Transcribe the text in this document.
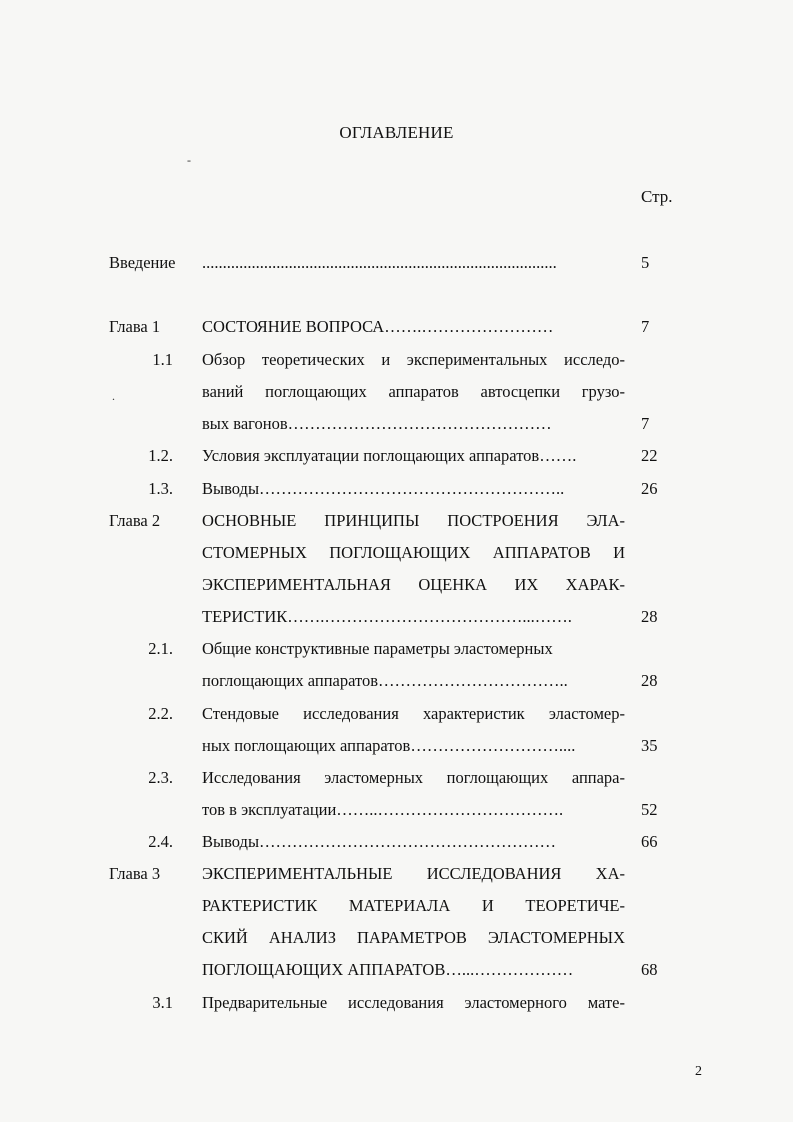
ОГЛАВЛЕНИЕ
-
.
Стр.
Введение ......................................................................................	5
Глава 1	СОСТОЯНИЕ ВОПРОСА…….……………………	7
1.1 Обзор теоретических и экспериментальных исследо-
ваний поглощающих аппаратов автосцепки грузо-
вых вагонов…………………………………………	7
1.2. Условия эксплуатации поглощающих аппаратов…….	22
1.3. Выводы………………………………………………..	26
Глава 2	ОСНОВНЫЕ ПРИНЦИПЫ ПОСТРОЕНИЯ ЭЛА-
СТОМЕРНЫХ ПОГЛОЩАЮЩИХ АППАРАТОВ И
ЭКСПЕРИМЕНТАЛЬНАЯ ОЦЕНКА ИХ ХАРАК-
ТЕРИСТИК…….………………………………...…….	28
2.1. Общие конструктивные параметры эластомерных
поглощающих аппаратов……………………………..	28
2.2. Стендовые исследования характеристик эластомер-
ных поглощающих аппаратов………………………....	35
2.3. Исследования эластомерных поглощающих аппара-
тов в эксплуатации……..…………………………….	52
2.4. Выводы………………………………………………	66
Глава 3	ЭКСПЕРИМЕНТАЛЬНЫЕ ИССЛЕДОВАНИЯ ХА-
РАКТЕРИСТИК МАТЕРИАЛА И ТЕОРЕТИЧЕ-
СКИЙ АНАЛИЗ ПАРАМЕТРОВ ЭЛАСТОМЕРНЫХ
ПОГЛОЩАЮЩИХ АППАРАТОВ…...………………	68
3.1 Предварительные исследования эластомерного мате-
2
